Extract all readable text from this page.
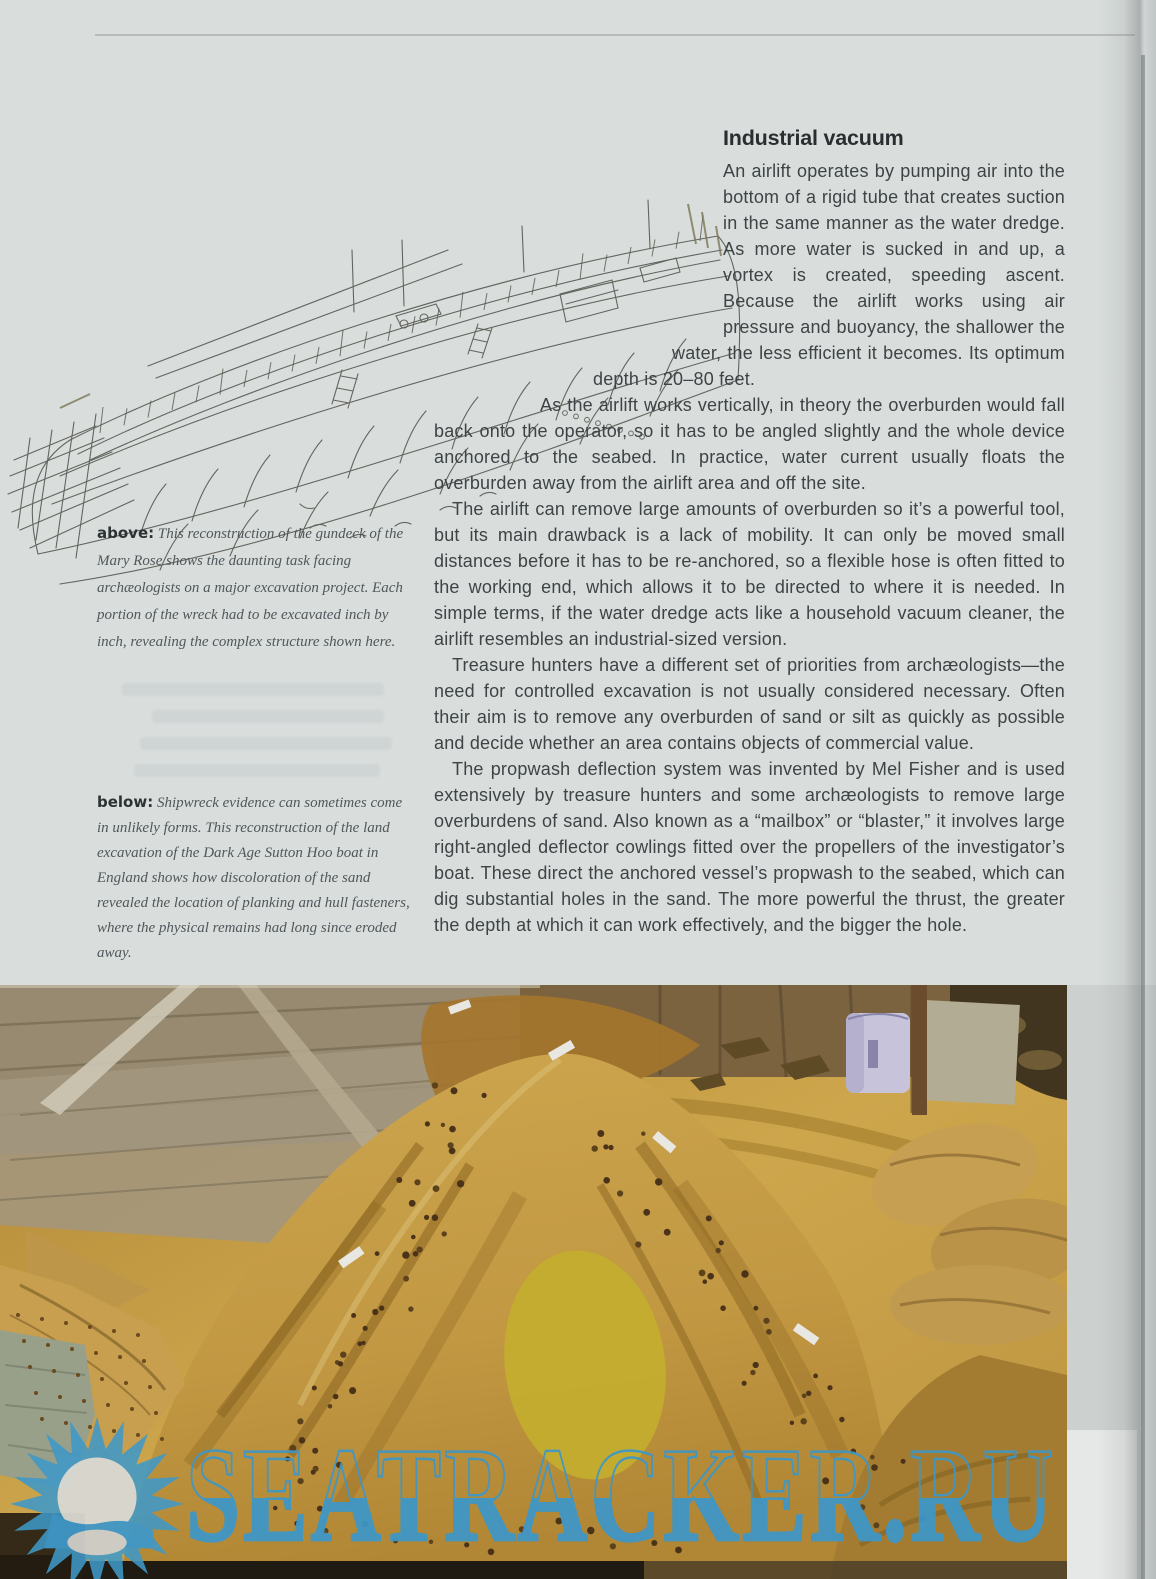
Industrial vacuum

An airlift operates by pumping air into the bottom of a rigid tube that creates suction in the same manner as the water dredge. As more water is sucked in and up, a vortex is created, speeding ascent. Because the airlift works using air pressure and buoyancy, the shallower the water, the less efficient it becomes. Its optimum depth is 20–80 feet.

As the airlift works vertically, in theory the overburden would fall back onto the operator, so it has to be angled slightly and the whole device anchored to the seabed. In practice, water current usually floats the overburden away from the airlift area and off the site.

The airlift can remove large amounts of overburden so it’s a powerful tool, but its main drawback is a lack of mobility. It can only be moved small distances before it has to be re-anchored, so a flexible hose is often fitted to the working end, which allows it to be directed to where it is needed. In simple terms, if the water dredge acts like a household vacuum cleaner, the airlift resembles an industrial-sized version.

Treasure hunters have a different set of priorities from archæologists—the need for controlled excavation is not usually considered necessary. Often their aim is to remove any overburden of sand or silt as quickly as possible and decide whether an area contains objects of commercial value.

The propwash deflection system was invented by Mel Fisher and is used extensively by treasure hunters and some archæologists to remove large overburdens of sand. Also known as a “mailbox” or “blaster,” it involves large right-angled deflector cowlings fitted over the propellers of the investigator’s boat. These direct the anchored vessel’s propwash to the seabed, which can dig substantial holes in the sand. The more powerful the thrust, the greater the depth at which it can work effectively, and the bigger the hole.

above: This reconstruction of the gundeck of the Mary Rose shows the daunting task facing archæologists on a major excavation project. Each portion of the wreck had to be excavated inch by inch, revealing the complex structure shown here.
below: Shipwreck evidence can sometimes come in unlikely forms. This reconstruction of the land excavation of the Dark Age Sutton Hoo boat in England shows how discoloration of the sand revealed the location of planking and hull fasteners, where the physical remains had long since eroded away.
SEATRACKER.RU
